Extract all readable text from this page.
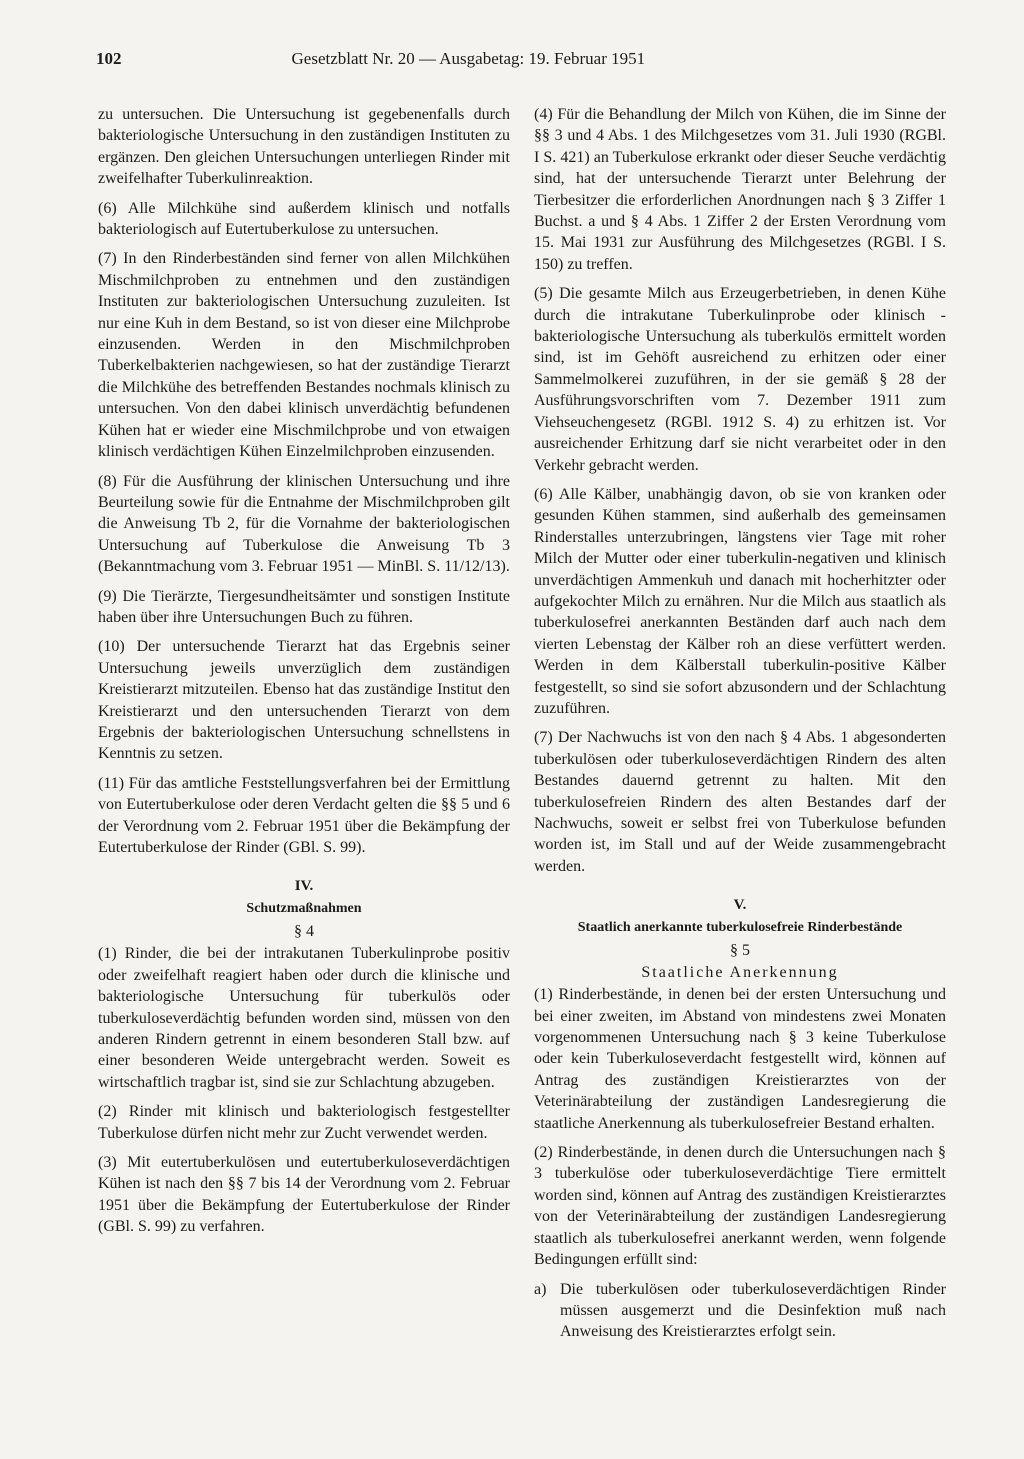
102	Gesetzblatt Nr. 20 — Ausgabetag: 19. Februar 1951

zu untersuchen. Die Untersuchung ist gegebenenfalls durch bakteriologische Untersuchung in den zuständigen Instituten zu ergänzen. Den gleichen Untersuchungen unterliegen Rinder mit zweifelhafter Tuberkulinreaktion.

(6) Alle Milchkühe sind außerdem klinisch und notfalls bakteriologisch auf Eutertuberkulose zu untersuchen.

(7) In den Rinderbeständen sind ferner von allen Milchkühen Mischmilchproben zu entnehmen und den zuständigen Instituten zur bakteriologischen Untersuchung zuzuleiten. Ist nur eine Kuh in dem Bestand, so ist von dieser eine Milchprobe einzusenden. Werden in den Mischmilchproben Tuberkelbakterien nachgewiesen, so hat der zuständige Tierarzt die Milchkühe des betreffenden Bestandes nochmals klinisch zu untersuchen. Von den dabei klinisch unverdächtig befundenen Kühen hat er wieder eine Mischmilchprobe und von etwaigen klinisch verdächtigen Kühen Einzelmilchproben einzusenden.

(8) Für die Ausführung der klinischen Untersuchung und ihre Beurteilung sowie für die Entnahme der Mischmilchproben gilt die Anweisung Tb 2, für die Vornahme der bakteriologischen Untersuchung auf Tuberkulose die Anweisung Tb 3 (Bekanntmachung vom 3. Februar 1951 — MinBl. S. 11/12/13).

(9) Die Tierärzte, Tiergesundheitsämter und sonstigen Institute haben über ihre Untersuchungen Buch zu führen.

(10) Der untersuchende Tierarzt hat das Ergebnis seiner Untersuchung jeweils unverzüglich dem zuständigen Kreistierarzt mitzuteilen. Ebenso hat das zuständige Institut den Kreistierarzt und den untersuchenden Tierarzt von dem Ergebnis der bakteriologischen Untersuchung schnellstens in Kenntnis zu setzen.

(11) Für das amtliche Feststellungsverfahren bei der Ermittlung von Eutertuberkulose oder deren Verdacht gelten die §§ 5 und 6 der Verordnung vom 2. Februar 1951 über die Bekämpfung der Eutertuberkulose der Rinder (GBl. S. 99).

IV.
Schutzmaßnahmen
§ 4

(1) Rinder, die bei der intrakutanen Tuberkulinprobe positiv oder zweifelhaft reagiert haben oder durch die klinische und bakteriologische Untersuchung für tuberkulös oder tuberkuloseverdächtig befunden worden sind, müssen von den anderen Rindern getrennt in einem besonderen Stall bzw. auf einer besonderen Weide untergebracht werden. Soweit es wirtschaftlich tragbar ist, sind sie zur Schlachtung abzugeben.

(2) Rinder mit klinisch und bakteriologisch festgestellter Tuberkulose dürfen nicht mehr zur Zucht verwendet werden.

(3) Mit eutertuberkulösen und eutertuberkuloseverdächtigen Kühen ist nach den §§ 7 bis 14 der Verordnung vom 2. Februar 1951 über die Bekämpfung der Eutertuberkulose der Rinder (GBl. S. 99) zu verfahren.

(4) Für die Behandlung der Milch von Kühen, die im Sinne der §§ 3 und 4 Abs. 1 des Milchgesetzes vom 31. Juli 1930 (RGBl. I S. 421) an Tuberkulose erkrankt oder dieser Seuche verdächtig sind, hat der untersuchende Tierarzt unter Belehrung der Tierbesitzer die erforderlichen Anordnungen nach § 3 Ziffer 1 Buchst. a und § 4 Abs. 1 Ziffer 2 der Ersten Verordnung vom 15. Mai 1931 zur Ausführung des Milchgesetzes (RGBl. I S. 150) zu treffen.

(5) Die gesamte Milch aus Erzeugerbetrieben, in denen Kühe durch die intrakutane Tuberkulinprobe oder klinisch - bakteriologische Untersuchung als tuberkulös ermittelt worden sind, ist im Gehöft ausreichend zu erhitzen oder einer Sammelmolkerei zuzuführen, in der sie gemäß § 28 der Ausführungsvorschriften vom 7. Dezember 1911 zum Viehseuchengesetz (RGBl. 1912 S. 4) zu erhitzen ist. Vor ausreichender Erhitzung darf sie nicht verarbeitet oder in den Verkehr gebracht werden.

(6) Alle Kälber, unabhängig davon, ob sie von kranken oder gesunden Kühen stammen, sind außerhalb des gemeinsamen Rinderstalles unterzubringen, längstens vier Tage mit roher Milch der Mutter oder einer tuberkulin-negativen und klinisch unverdächtigen Ammenkuh und danach mit hocherhitzter oder aufgekochter Milch zu ernähren. Nur die Milch aus staatlich als tuberkulosefrei anerkannten Beständen darf auch nach dem vierten Lebenstag der Kälber roh an diese verfüttert werden. Werden in dem Kälberstall tuberkulin-positive Kälber festgestellt, so sind sie sofort abzusondern und der Schlachtung zuzuführen.

(7) Der Nachwuchs ist von den nach § 4 Abs. 1 abgesonderten tuberkulösen oder tuberkuloseverdächtigen Rindern des alten Bestandes dauernd getrennt zu halten. Mit den tuberkulosefreien Rindern des alten Bestandes darf der Nachwuchs, soweit er selbst frei von Tuberkulose befunden worden ist, im Stall und auf der Weide zusammengebracht werden.

V.
Staatlich anerkannte tuberkulosefreie Rinderbestände
§ 5
Staatliche Anerkennung

(1) Rinderbestände, in denen bei der ersten Untersuchung und bei einer zweiten, im Abstand von mindestens zwei Monaten vorgenommenen Untersuchung nach § 3 keine Tuberkulose oder kein Tuberkuloseverdacht festgestellt wird, können auf Antrag des zuständigen Kreistierarztes von der Veterinärabteilung der zuständigen Landesregierung die staatliche Anerkennung als tuberkulosefreier Bestand erhalten.

(2) Rinderbestände, in denen durch die Untersuchungen nach § 3 tuberkulöse oder tuberkuloseverdächtige Tiere ermittelt worden sind, können auf Antrag des zuständigen Kreistierarztes von der Veterinärabteilung der zuständigen Landesregierung staatlich als tuberkulosefrei anerkannt werden, wenn folgende Bedingungen erfüllt sind:

a) Die tuberkulösen oder tuberkuloseverdächtigen Rinder müssen ausgemerzt und die Desinfektion muß nach Anweisung des Kreistierarztes erfolgt sein.
